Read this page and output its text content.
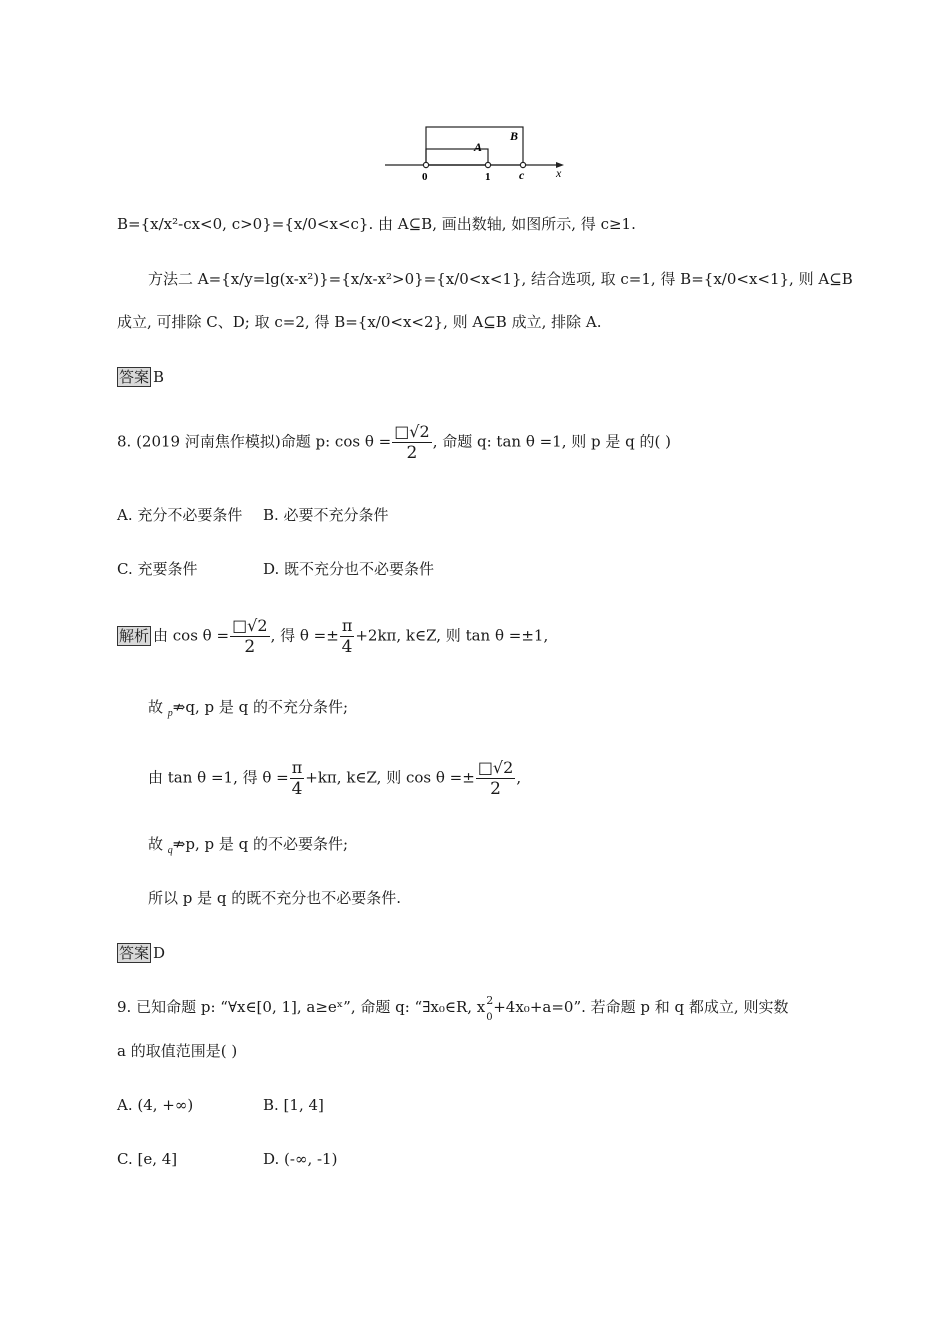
B
A
0	1 c	x
B={x/x²-cx<0, c>0}={x/0<x<c}. 由 A⊆B, 画出数轴, 如图所示, 得 c≥1.
方法二 A={x/y=lg(x-x²)}={x/x-x²>0}={x/0<x<1}, 结合选项, 取 c=1, 得 B={x/0<x<1}, 则 A⊆B
成立, 可排除 C、D; 取 c=2, 得 B={x/0<x<2}, 则 A⊆B 成立, 排除 A.
答案 B
8. (2019 河南焦作模拟)命题 p: $\cos \theta = \frac{□√2}{2}$ , 命题 q: tan θ =1, 则 p 是 q 的( )
A. 充分不必要条件 B. 必要不充分条件
C. 充要条件	D. 既不充分也不必要条件
解析 由 $\cos \theta = \frac{□√2}{2}$ , 得 $\theta =\pm \frac{\pi}{4} +2k\pi$, k∈Z, 则 tan θ =±1,
故 $_p$⇏q, p 是 q 的不充分条件;
由 tan θ =1, 得 $\theta = \frac{\pi}{4} +k\pi$, k∈Z, 则 $\cos \theta =\pm \frac{□√2}{2}$ ,
故 $_q$⇏p, p 是 q 的不必要条件;
所以 p 是 q 的既不充分也不必要条件.
答案 D
9. 已知命题 p: “∀x∈[0, 1], a≥eˣ”, 命题 q: “∃x₀∈R, x 2
0
+4x₀+a=0”. 若命题 p 和 q 都成立, 则实数
a 的取值范围是( )
A. (4, +∞)	B. [1, 4]
C. [e, 4]	D. (-∞, -1)
